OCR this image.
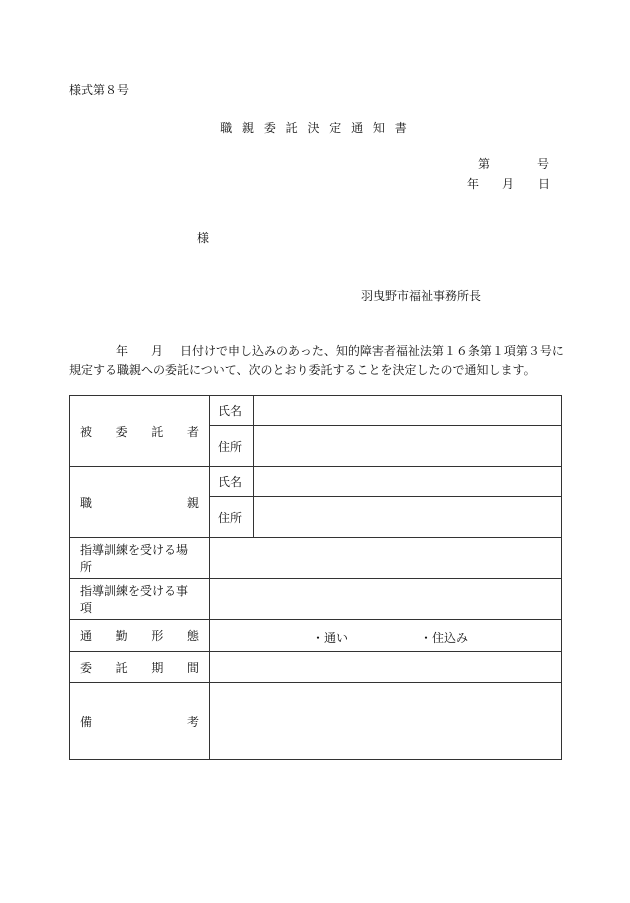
様式第８号
職 親 委 託 決 定 通 知 書
第	号
年 月 日
様
羽曳野市福祉事務所長
年 月 日付けで申し込みのあった、知的障害者福祉法第１６条第１項第３号に
規定する職親への委託について、次のとおり委託することを決定したので通知します。
被 委 託 者	氏 名	

	住 所	

職 親	氏 名	

	住 所	

指導訓練を受ける場所		
指導訓練を受ける事項		

通 勤 形 態	・通い ・住込み	

委 託 期 間		

備 考		
